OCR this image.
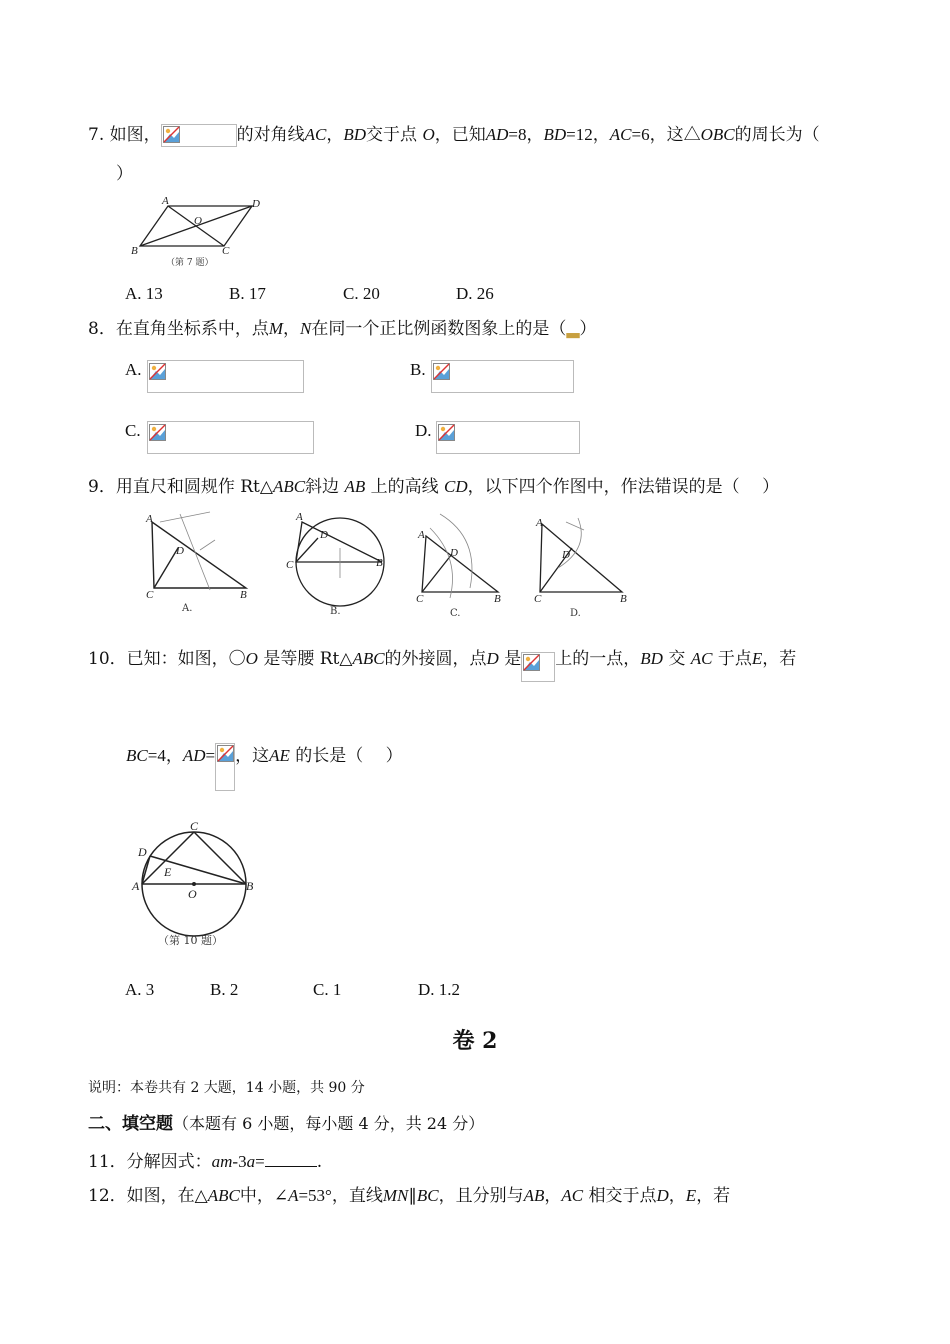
7. 如图，	的对角线AC，BD交于点 O，已知AD=8，BD=12，AC=6，这△OBC的周长为（
）
A	D
B	C
O
（第 7 题）
A. 13	B. 17	C. 20	D. 26
8．在直角坐标系中，点M，N在同一个正比例函数图象上的是（▂）
A.	B.
C.	D.
9．用直尺和圆规作 Rt△ABC斜边 AB 上的高线 CD，以下四个作图中，作法错误的是（　 ）
A
D
C	B
A.
A
D
C	B
B.
A
D
C	B
C.
A
D
C	B
D.
10．已知：如图，〇O 是等腰 Rt△ABC的外接圆，点D 是 上的一点，BD 交 AC 于点E，若
BC=4，AD= ，这AE 的长是（　 ）
C
D
E
A	B
O
（第 10 题）
A. 3	B. 2	C. 1	D. 1.2
卷 2
说明：本卷共有 2 大题，14 小题，共 90 分
二、填空题（本题有 6 小题，每小题 4 分，共 24 分）
11．分解因式：am-3a=	.
12．如图，在△ABC中，∠A=53°，直线MN∥BC，且分别与AB，AC 相交于点D，E，若
